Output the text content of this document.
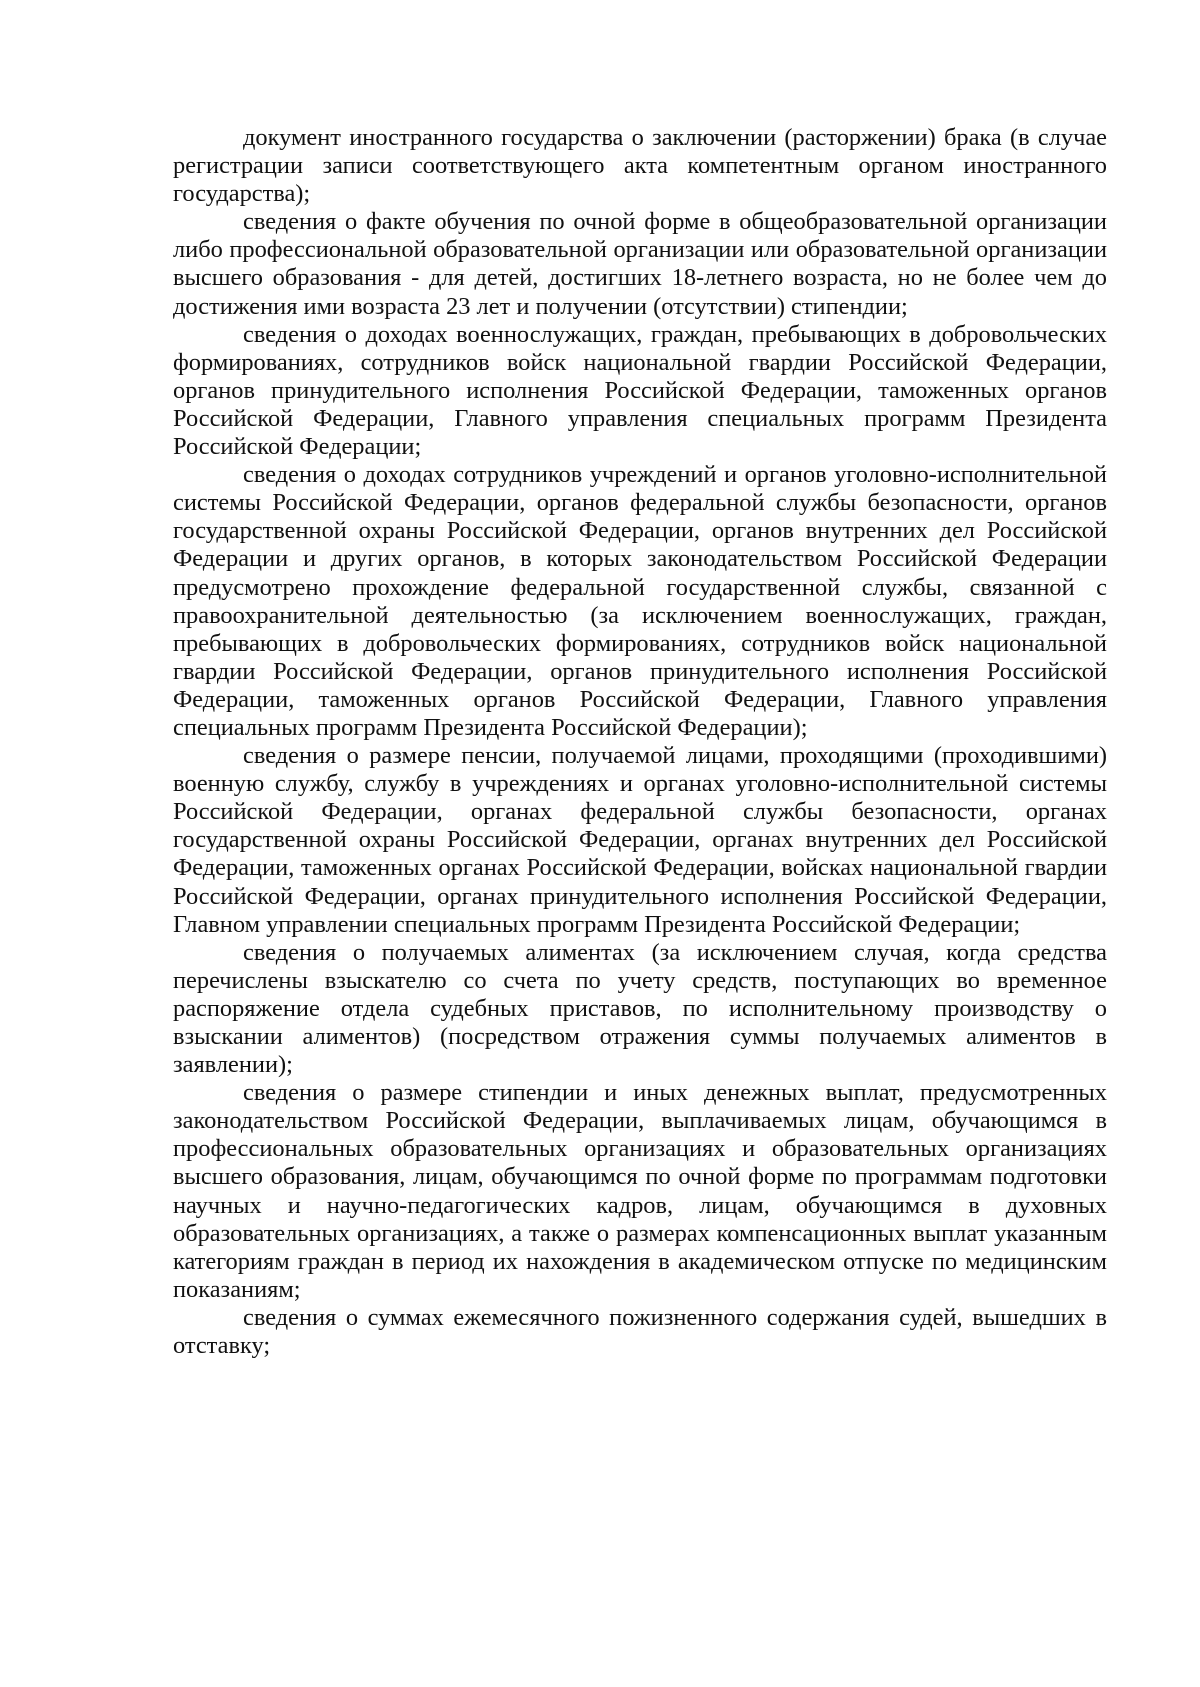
документ иностранного государства о заключении (расторжении) брака (в случае регистрации записи соответствующего акта компетентным органом иностранного государства);

сведения о факте обучения по очной форме в общеобразовательной организации либо профессиональной образовательной организации или образовательной организации высшего образования - для детей, достигших 18-летнего возраста, но не более чем до достижения ими возраста 23 лет и получении (отсутствии) стипендии;

сведения о доходах военнослужащих, граждан, пребывающих в добровольческих формированиях, сотрудников войск национальной гвардии Российской Федерации, органов принудительного исполнения Российской Федерации, таможенных органов Российской Федерации, Главного управления специальных программ Президента Российской Федерации;

сведения о доходах сотрудников учреждений и органов уголовно-исполнительной системы Российской Федерации, органов федеральной службы безопасности, органов государственной охраны Российской Федерации, органов внутренних дел Российской Федерации и других органов, в которых законодательством Российской Федерации предусмотрено прохождение федеральной государственной службы, связанной с правоохранительной деятельностью (за исключением военнослужащих, граждан, пребывающих в добровольческих формированиях, сотрудников войск национальной гвардии Российской Федерации, органов принудительного исполнения Российской Федерации, таможенных органов Российской Федерации, Главного управления специальных программ Президента Российской Федерации);

сведения о размере пенсии, получаемой лицами, проходящими (проходившими) военную службу, службу в учреждениях и органах уголовно-исполнительной системы Российской Федерации, органах федеральной службы безопасности, органах государственной охраны Российской Федерации, органах внутренних дел Российской Федерации, таможенных органах Российской Федерации, войсках национальной гвардии Российской Федерации, органах принудительного исполнения Российской Федерации, Главном управлении специальных программ Президента Российской Федерации;

сведения о получаемых алиментах (за исключением случая, когда средства перечислены взыскателю со счета по учету средств, поступающих во временное распоряжение отдела судебных приставов, по исполнительному производству о взыскании алиментов) (посредством отражения суммы получаемых алиментов в заявлении);

сведения о размере стипендии и иных денежных выплат, предусмотренных законодательством Российской Федерации, выплачиваемых лицам, обучающимся в профессиональных образовательных организациях и образовательных организациях высшего образования, лицам, обучающимся по очной форме по программам подготовки научных и научно-педагогических кадров, лицам, обучающимся в духовных образовательных организациях, а также о размерах компенсационных выплат указанным категориям граждан в период их нахождения в академическом отпуске по медицинским показаниям;

сведения о суммах ежемесячного пожизненного содержания судей, вышедших в отставку;
